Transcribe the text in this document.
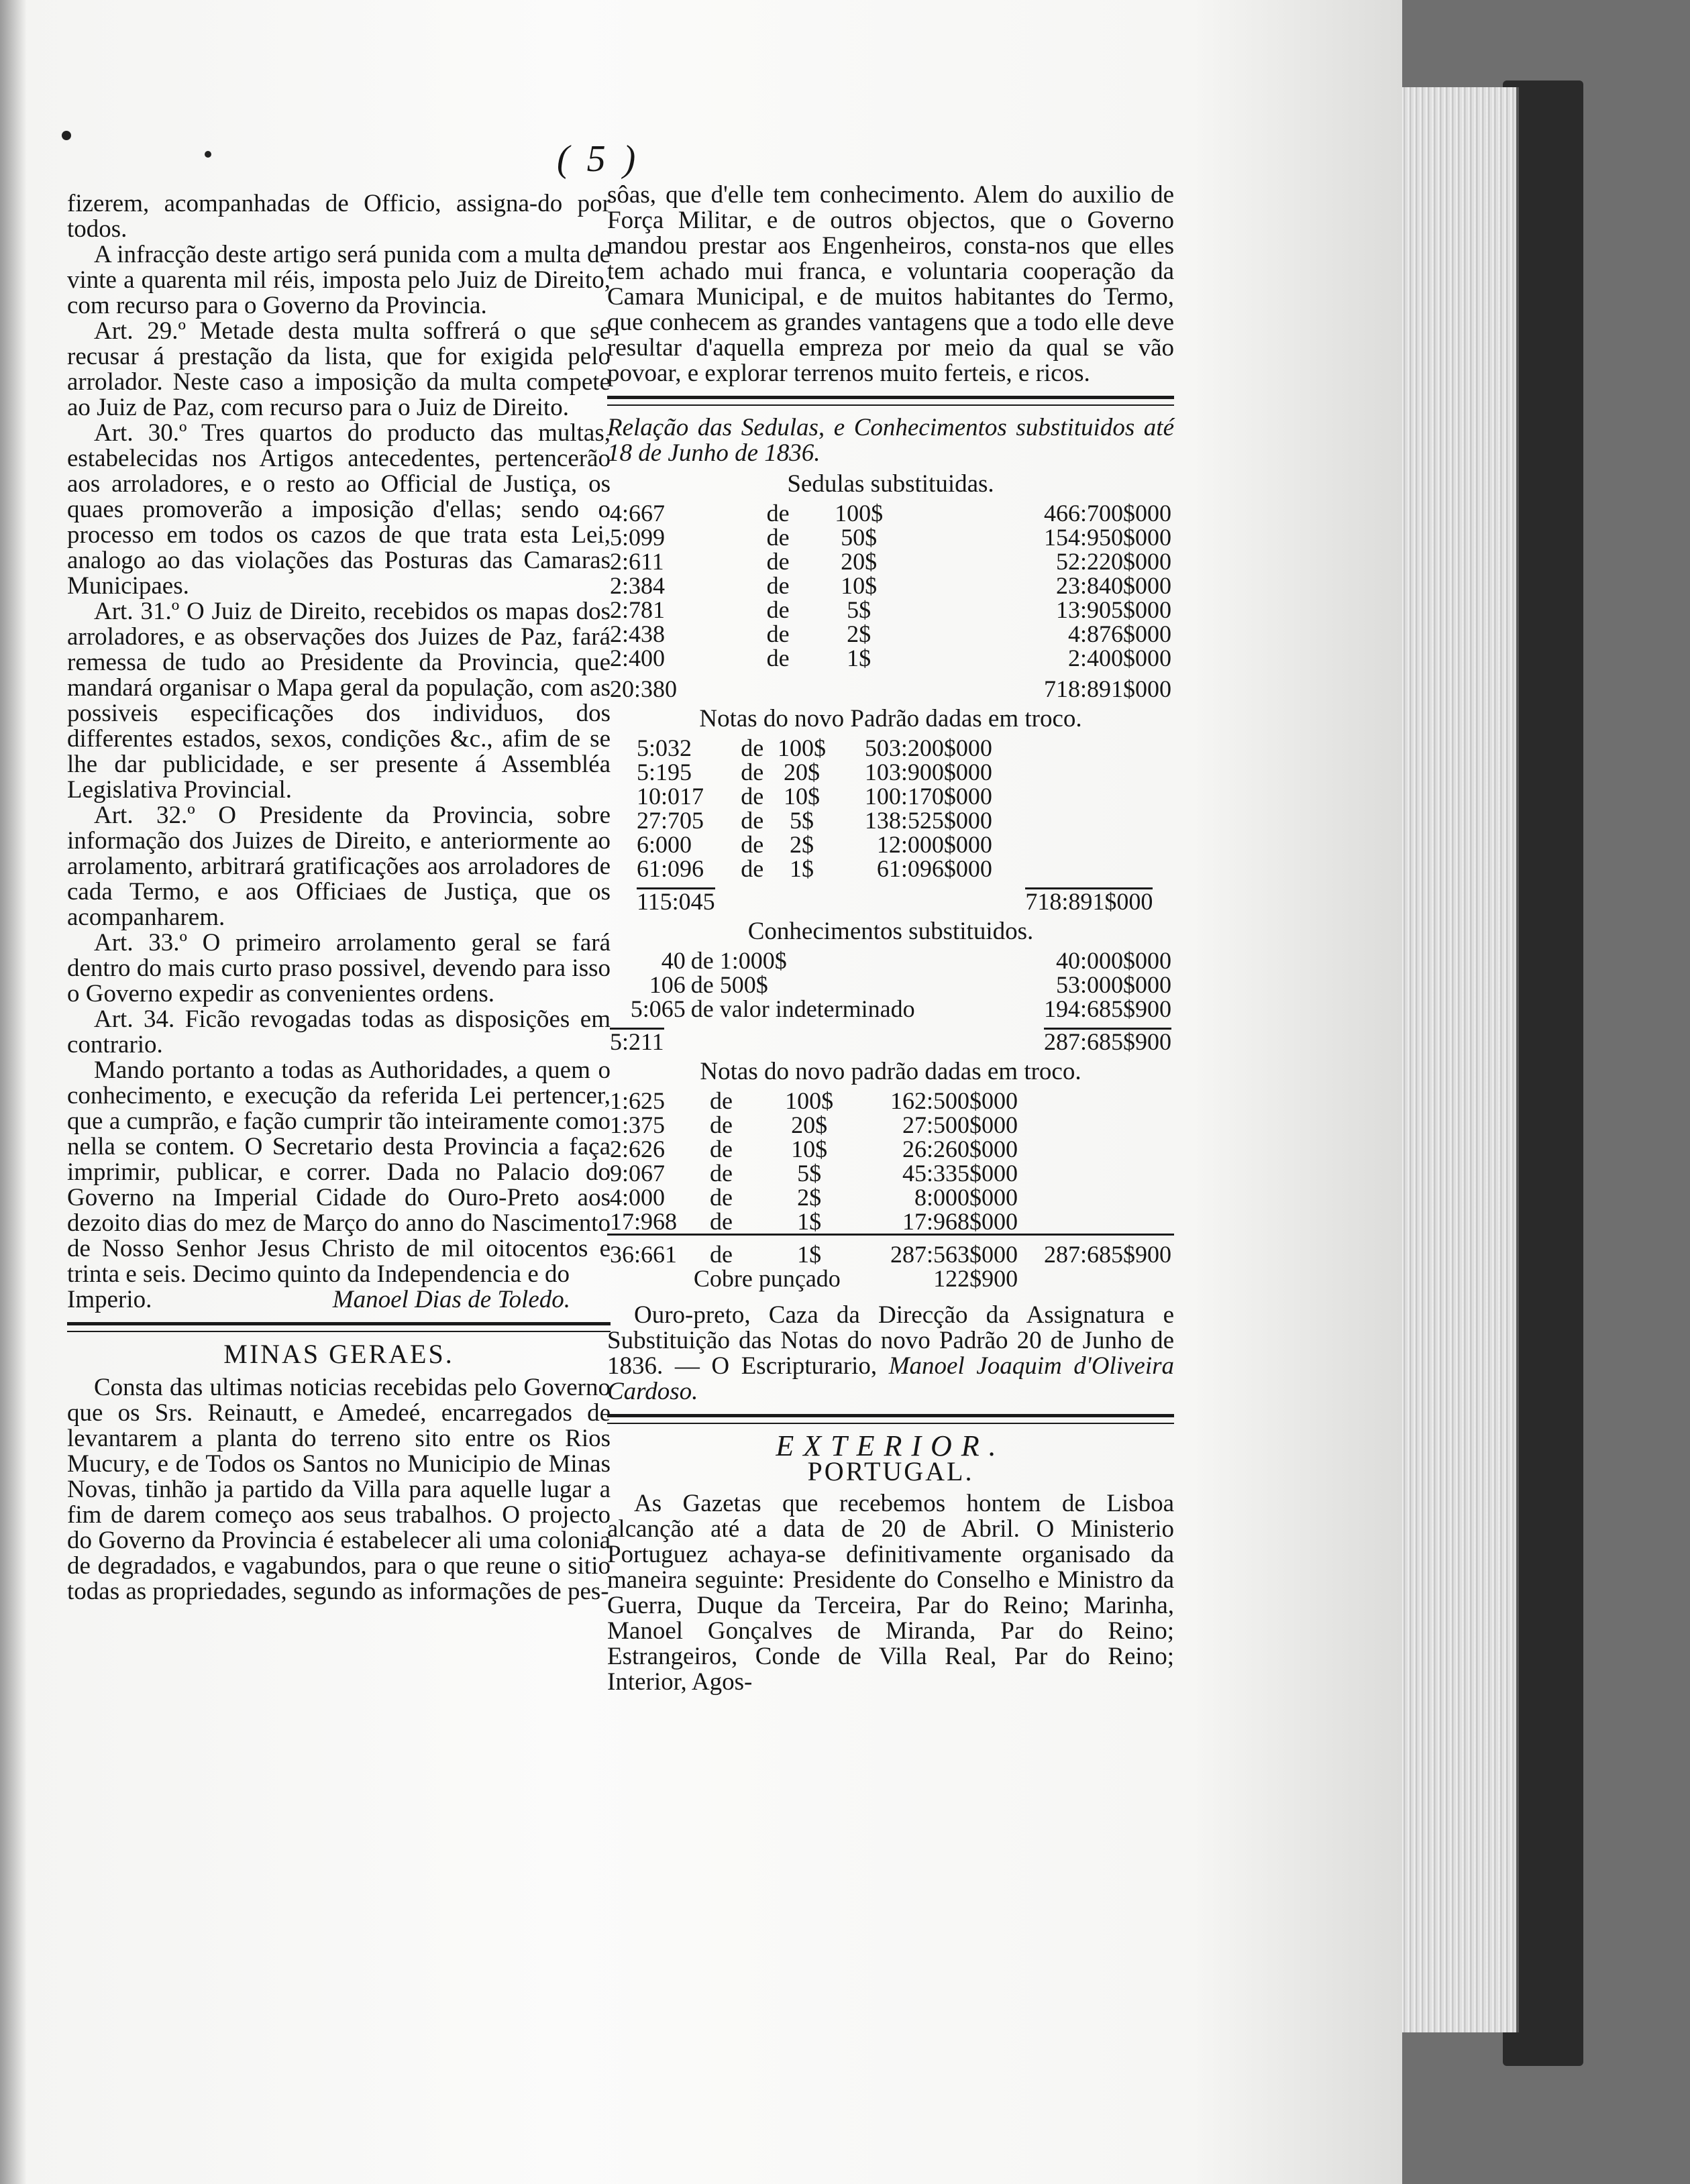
( 5 )

fizerem, acompanhadas de Officio, assigna-do por todos.

A infracção deste artigo será punida com a multa de vinte a quarenta mil réis, imposta pelo Juiz de Direito, com recurso para o Governo da Provincia.

Art. 29.º Metade desta multa soffrerá o que se recusar á prestação da lista, que for exigida pelo arrolador. Neste caso a imposição da multa compete ao Juiz de Paz, com recurso para o Juiz de Direito.

Art. 30.º Tres quartos do producto das multas, estabelecidas nos Artigos antecedentes, pertencerão aos arroladores, e o resto ao Official de Justiça, os quaes promoverão a imposição d'ellas; sendo o processo em todos os cazos de que trata esta Lei, analogo ao das violações das Posturas das Camaras Municipaes.

Art. 31.º O Juiz de Direito, recebidos os mapas dos arroladores, e as observações dos Juizes de Paz, fará remessa de tudo ao Presidente da Provincia, que mandará organisar o Mapa geral da população, com as possiveis especificações dos individuos, dos differentes estados, sexos, condições &c., afim de se lhe dar publicidade, e ser presente á Assembléa Legislativa Provincial.

Art. 32.º O Presidente da Provincia, sobre informação dos Juizes de Direito, e anteriormente ao arrolamento, arbitrará gratificações aos arroladores de cada Termo, e aos Officiaes de Justiça, que os acompanharem.

Art. 33.º O primeiro arrolamento geral se fará dentro do mais curto praso possivel, devendo para isso o Governo expedir as convenientes ordens.

Art. 34. Ficão revogadas todas as disposições em contrario.

Mando portanto a todas as Authoridades, a quem o conhecimento, e execução da referida Lei pertencer, que a cumprão, e fação cumprir tão inteiramente como nella se contem. O Secretario desta Provincia a faça imprimir, publicar, e correr. Dada no Palacio do Governo na Imperial Cidade do Ouro-Preto aos dezoito dias do mez de Março do anno do Nascimento de Nosso Senhor Jesus Christo de mil oitocentos e trinta e seis. Decimo quinto da Independencia e do

Imperio.	Manoel Dias de Toledo.
MINAS GERAES.

Consta das ultimas noticias recebidas pelo Governo que os Srs. Reinautt, e Amedeé, encarregados de levantarem a planta do terreno sito entre os Rios Mucury, e de Todos os Santos no Municipio de Minas Novas, tinhão ja partido da Villa para aquelle lugar a fim de darem começo aos seus trabalhos. O projecto do Governo da Provincia é estabelecer ali uma colonia de degradados, e vagabundos, para o que reune o sitio todas as propriedades, segundo as informações de pes-

sôas, que d'elle tem conhecimento. Alem do auxilio de Força Militar, e de outros objectos, que o Governo mandou prestar aos Engenheiros, consta-nos que elles tem achado mui franca, e voluntaria cooperação da Camara Municipal, e de muitos habitantes do Termo, que conhecem as grandes vantagens que a todo elle deve resultar d'aquella empreza por meio da qual se vão povoar, e explorar terrenos muito ferteis, e ricos.

Relação das Sedulas, e Conhecimentos substituidos até 18 de Junho de 1836.

Sedulas substituidas.
4:667	de	100$	466:700$000
5:099	de	50$	154:950$000
2:611	de	20$	52:220$000
2:384	de	10$	23:840$000
2:781	de	5$	13:905$000
2:438	de	2$	4:876$000
2:400	de	1$	2:400$000
20:380			718:891$000
Notas do novo Padrão dadas em troco.
5:032	de	100$	503:200$000	
5:195	de	20$	103:900$000	
10:017	de	10$	100:170$000	
27:705	de	5$	138:525$000	
6:000	de	2$	12:000$000	
61:096	de	1$	61:096$000	
115:045				718:891$000
Conhecimentos substituidos.
40	de 1:000$	40:000$000
106	de 500$	53:000$000
5:065	de valor indeterminado	194:685$900
5:211		287:685$900
Notas do novo padrão dadas em troco.
1:625	de	100$	162:500$000	
1:375	de	20$	27:500$000	
2:626	de	10$	26:260$000	
9:067	de	5$	45:335$000	
4:000	de	2$	8:000$000	
17:968	de	1$	17:968$000	
36:661	de	1$	287:563$000	287:685$900
	Cobre punçado		122$900	

Ouro-preto, Caza da Direcção da Assignatura e Substituição das Notas do novo Padrão 20 de Junho de 1836. — O Escripturario, Manoel Joaquim d'Oliveira Cardoso.

EXTERIOR.
PORTUGAL.

As Gazetas que recebemos hontem de Lisboa alcanção até a data de 20 de Abril. O Ministerio Portuguez achaya-se definitivamente organisado da maneira seguinte: Presidente do Conselho e Ministro da Guerra, Duque da Terceira, Par do Reino; Marinha, Manoel Gonçalves de Miranda, Par do Reino; Estrangeiros, Conde de Villa Real, Par do Reino; Interior, Agos-
